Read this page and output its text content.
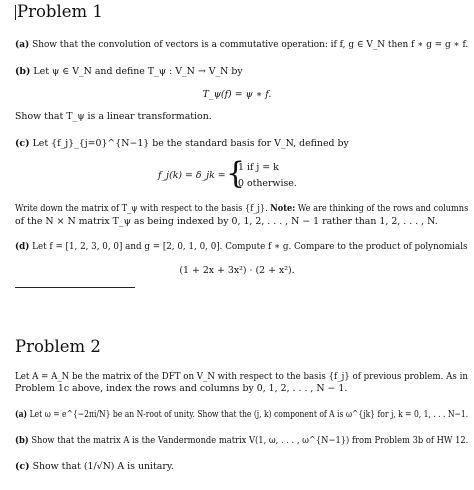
Problem 1
(a) Show that the convolution of vectors is a commutative operation: if f, g ∈ V_N then f ∗ g = g ∗ f.
(b) Let ψ ∈ V_N and define T_ψ : V_N → V_N by
T_ψ(f) = ψ ∗ f.
Show that T_ψ is a linear transformation.
(c) Let {f_j}_{j=0}^{N−1} be the standard basis for V_N, defined by
f_j(k) = δ_jk = {
1 if j = k
0 otherwise.
Write down the matrix of T_ψ with respect to the basis {f_j}. Note: We are thinking of the rows and columns
of the N × N matrix T_ψ as being indexed by 0, 1, 2, . . . , N − 1 rather than 1, 2, . . . , N.
(d) Let f = [1, 2, 3, 0, 0] and g = [2, 0, 1, 0, 0]. Compute f ∗ g. Compare to the product of polynomials
(1 + 2x + 3x²) · (2 + x²).
Problem 2
Let A = A_N be the matrix of the DFT on V_N with respect to the basis {f_j} of previous problem. As in
Problem 1c above, index the rows and columns by 0, 1, 2, . . . , N − 1.
(a) Let ω = e^{−2πi/N} be an N-root of unity. Show that the (j, k) component of A is ω^{jk} for j, k = 0, 1, . . . N−1.
(b) Show that the matrix A is the Vandermonde matrix V(1, ω, . . . , ω^{N−1}) from Problem 3b of HW 12.
(c) Show that (1/√N) A is unitary.
